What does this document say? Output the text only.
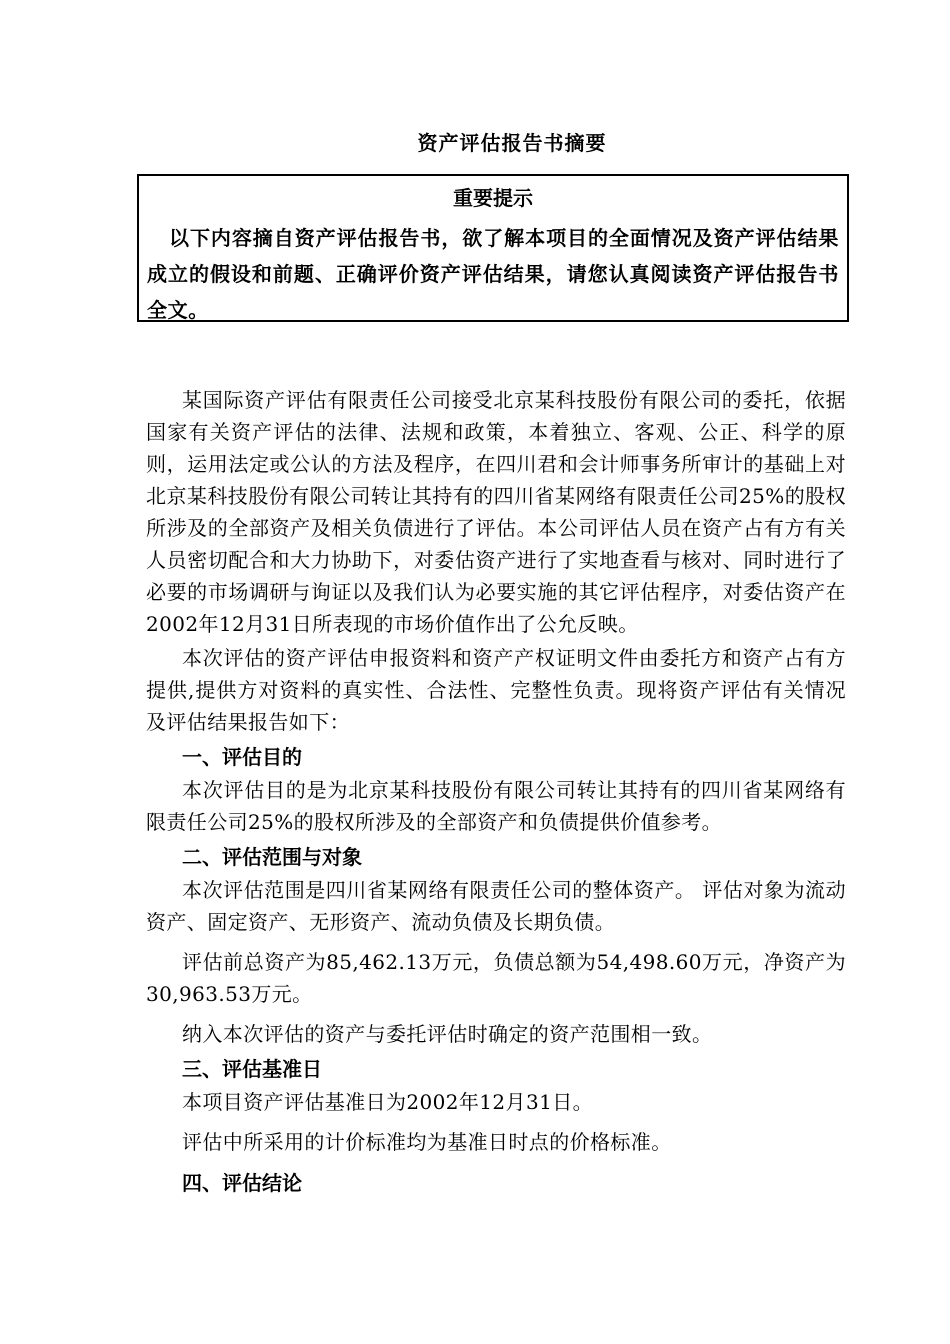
资产评估报告书摘要
重要提示
以下内容摘自资产评估报告书，欲了解本项目的全面情况及资产评估结果成立的假设和前题、正确评价资产评估结果，请您认真阅读资产评估报告书全文。

某国际资产评估有限责任公司接受北京某科技股份有限公司的委托，依据国家有关资产评估的法律、法规和政策，本着独立、客观、公正、科学的原则，运用法定或公认的方法及程序，在四川君和会计师事务所审计的基础上对北京某科技股份有限公司转让其持有的四川省某网络有限责任公司25%的股权所涉及的全部资产及相关负债进行了评估。本公司评估人员在资产占有方有关人员密切配合和大力协助下，对委估资产进行了实地查看与核对、同时进行了必要的市场调研与询证以及我们认为必要实施的其它评估程序，对委估资产在2002年12月31日所表现的市场价值作出了公允反映。

本次评估的资产评估申报资料和资产产权证明文件由委托方和资产占有方提供,提供方对资料的真实性、合法性、完整性负责。现将资产评估有关情况及评估结果报告如下：

一、评估目的

本次评估目的是为北京某科技股份有限公司转让其持有的四川省某网络有限责任公司25%的股权所涉及的全部资产和负债提供价值参考。

二、评估范围与对象

本次评估范围是四川省某网络有限责任公司的整体资产。 评估对象为流动资产、固定资产、无形资产、流动负债及长期负债。

评估前总资产为85,462.13万元，负债总额为54,498.60万元，净资产为30,963.53万元。

纳入本次评估的资产与委托评估时确定的资产范围相一致。

三、评估基准日

本项目资产评估基准日为2002年12月31日。

评估中所采用的计价标准均为基准日时点的价格标准。

四、评估结论
